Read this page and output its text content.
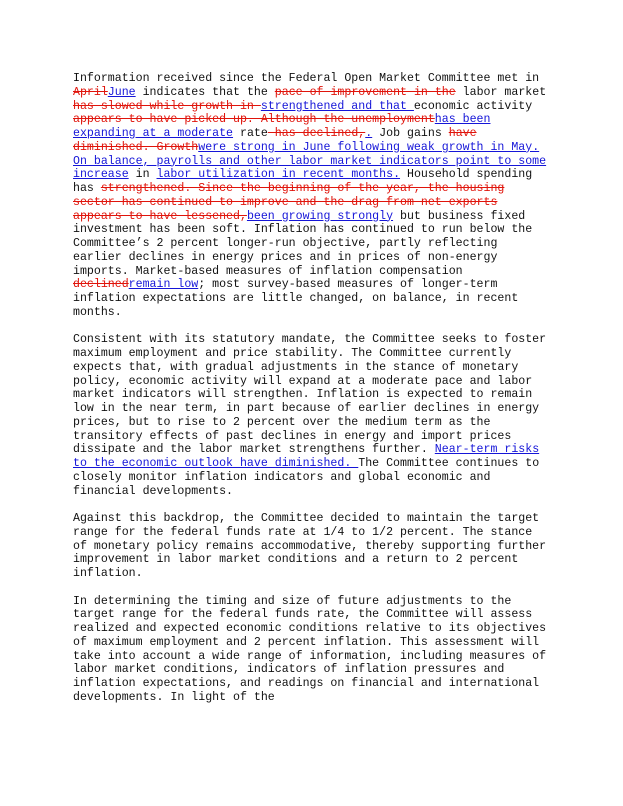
Information received since the Federal Open Market Committee met in AprilJune indicates that the pace of improvement in the labor market has slowed while growth in strengthened and that economic activity appears to have picked up. Although the unemploymenthas been expanding at a moderate rate has declined,. Job gains have diminished. Growthwere strong in June following weak growth in May. On balance, payrolls and other labor market indicators point to some increase in labor utilization in recent months. Household spending has strengthened. Since the beginning of the year, the housing sector has continued to improve and the drag from net exports appears to have lessened,been growing strongly but business fixed investment has been soft. Inflation has continued to run below the Committee’s 2 percent longer-run objective, partly reflecting earlier declines in energy prices and in prices of non-energy imports. Market-based measures of inflation compensation declinedremain low; most survey-based measures of longer-term inflation expectations are little changed, on balance, in recent months.

Consistent with its statutory mandate, the Committee seeks to foster maximum employment and price stability. The Committee currently expects that, with gradual adjustments in the stance of monetary policy, economic activity will expand at a moderate pace and labor market indicators will strengthen. Inflation is expected to remain low in the near term, in part because of earlier declines in energy prices, but to rise to 2 percent over the medium term as the transitory effects of past declines in energy and import prices dissipate and the labor market strengthens further. Near-term risks to the economic outlook have diminished. The Committee continues to closely monitor inflation indicators and global economic and financial developments.

Against this backdrop, the Committee decided to maintain the target range for the federal funds rate at 1/4 to 1/2 percent. The stance of monetary policy remains accommodative, thereby supporting further improvement in labor market conditions and a return to 2 percent inflation.

In determining the timing and size of future adjustments to the target range for the federal funds rate, the Committee will assess realized and expected economic conditions relative to its objectives of maximum employment and 2 percent inflation. This assessment will take into account a wide range of information, including measures of labor market conditions, indicators of inflation pressures and inflation expectations, and readings on financial and international developments. In light of the
